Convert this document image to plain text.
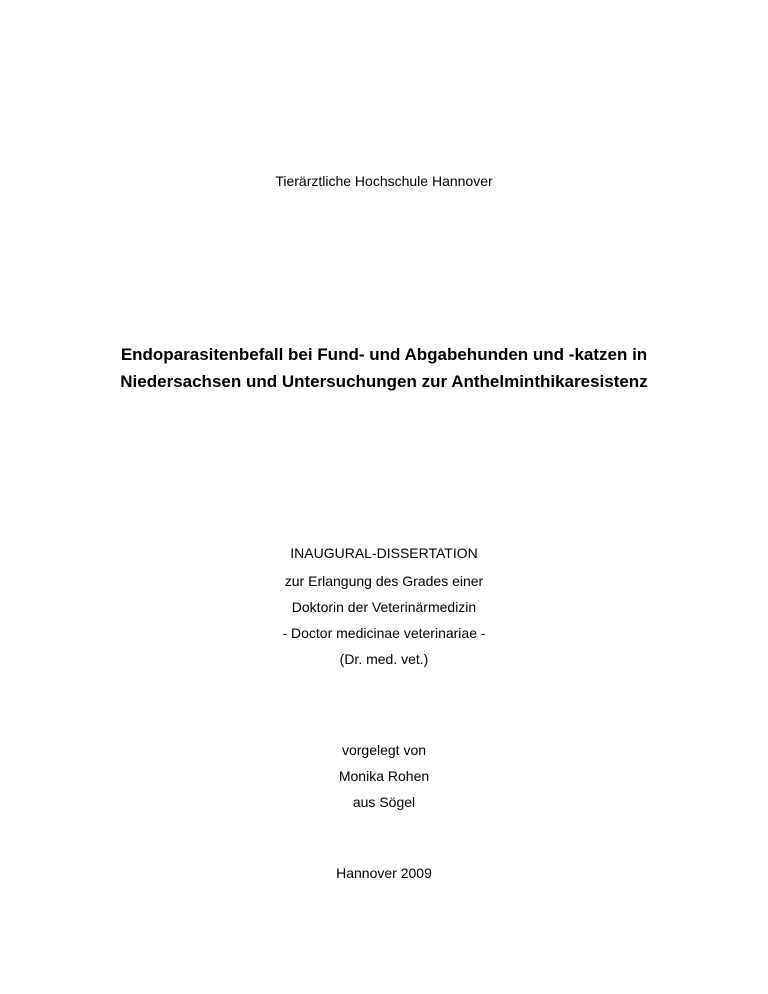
Tierärztliche Hochschule Hannover
Endoparasitenbefall bei Fund- und Abgabehunden und -katzen in
Niedersachsen und Untersuchungen zur Anthelminthikaresistenz
INAUGURAL-DISSERTATION
zur Erlangung des Grades einer
Doktorin der Veterinärmedizin
- Doctor medicinae veterinariae -
(Dr. med. vet.)
vorgelegt von
Monika Rohen
aus Sögel
Hannover 2009
